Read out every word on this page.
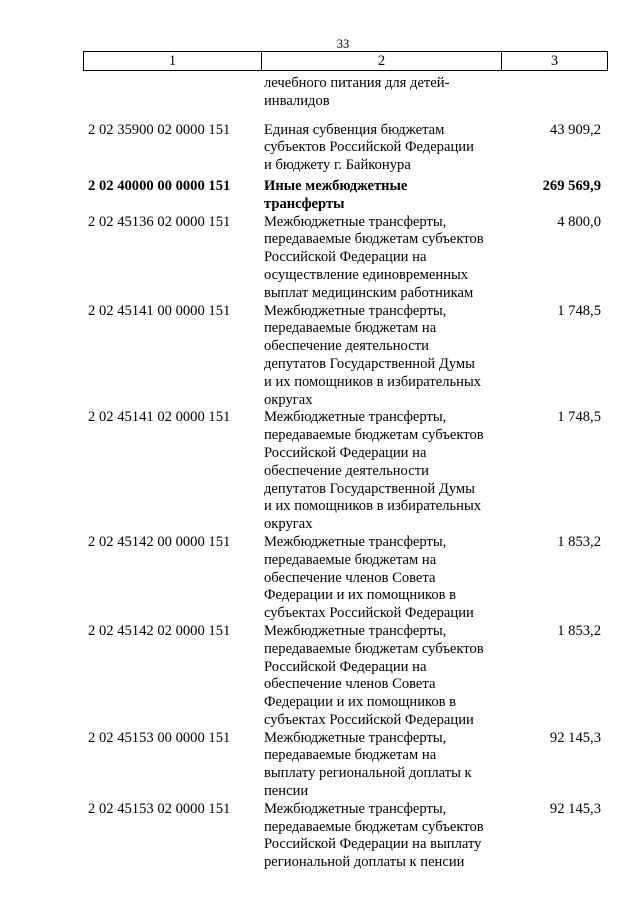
33
1	2	3
лечебного питания для детей-
инвалидов
2 02 35900 02 0000 151 Единая субвенция бюджетам
субъектов Российской Федерации
и бюджету г. Байконура
43 909,2
2 02 40000 00 0000 151 Иные межбюджетные
трансферты
269 569,9
2 02 45136 02 0000 151 Межбюджетные трансферты,
передаваемые бюджетам субъектов
Российской Федерации на
осуществление единовременных
выплат медицинским работникам
4 800,0
2 02 45141 00 0000 151 Межбюджетные трансферты,
передаваемые бюджетам на
обеспечение деятельности
депутатов Государственной Думы
и их помощников в избирательных
округах
1 748,5
2 02 45141 02 0000 151 Межбюджетные трансферты,
передаваемые бюджетам субъектов
Российской Федерации на
обеспечение деятельности
депутатов Государственной Думы
и их помощников в избирательных
округах
1 748,5
2 02 45142 00 0000 151 Межбюджетные трансферты,
передаваемые бюджетам на
обеспечение членов Совета
Федерации и их помощников в
субъектах Российской Федерации
1 853,2
2 02 45142 02 0000 151 Межбюджетные трансферты,
передаваемые бюджетам субъектов
Российской Федерации на
обеспечение членов Совета
Федерации и их помощников в
субъектах Российской Федерации
1 853,2
2 02 45153 00 0000 151 Межбюджетные трансферты,
передаваемые бюджетам на
выплату региональной доплаты к
пенсии
92 145,3
2 02 45153 02 0000 151 Межбюджетные трансферты,
передаваемые бюджетам субъектов
Российской Федерации на выплату
региональной доплаты к пенсии
92 145,3
